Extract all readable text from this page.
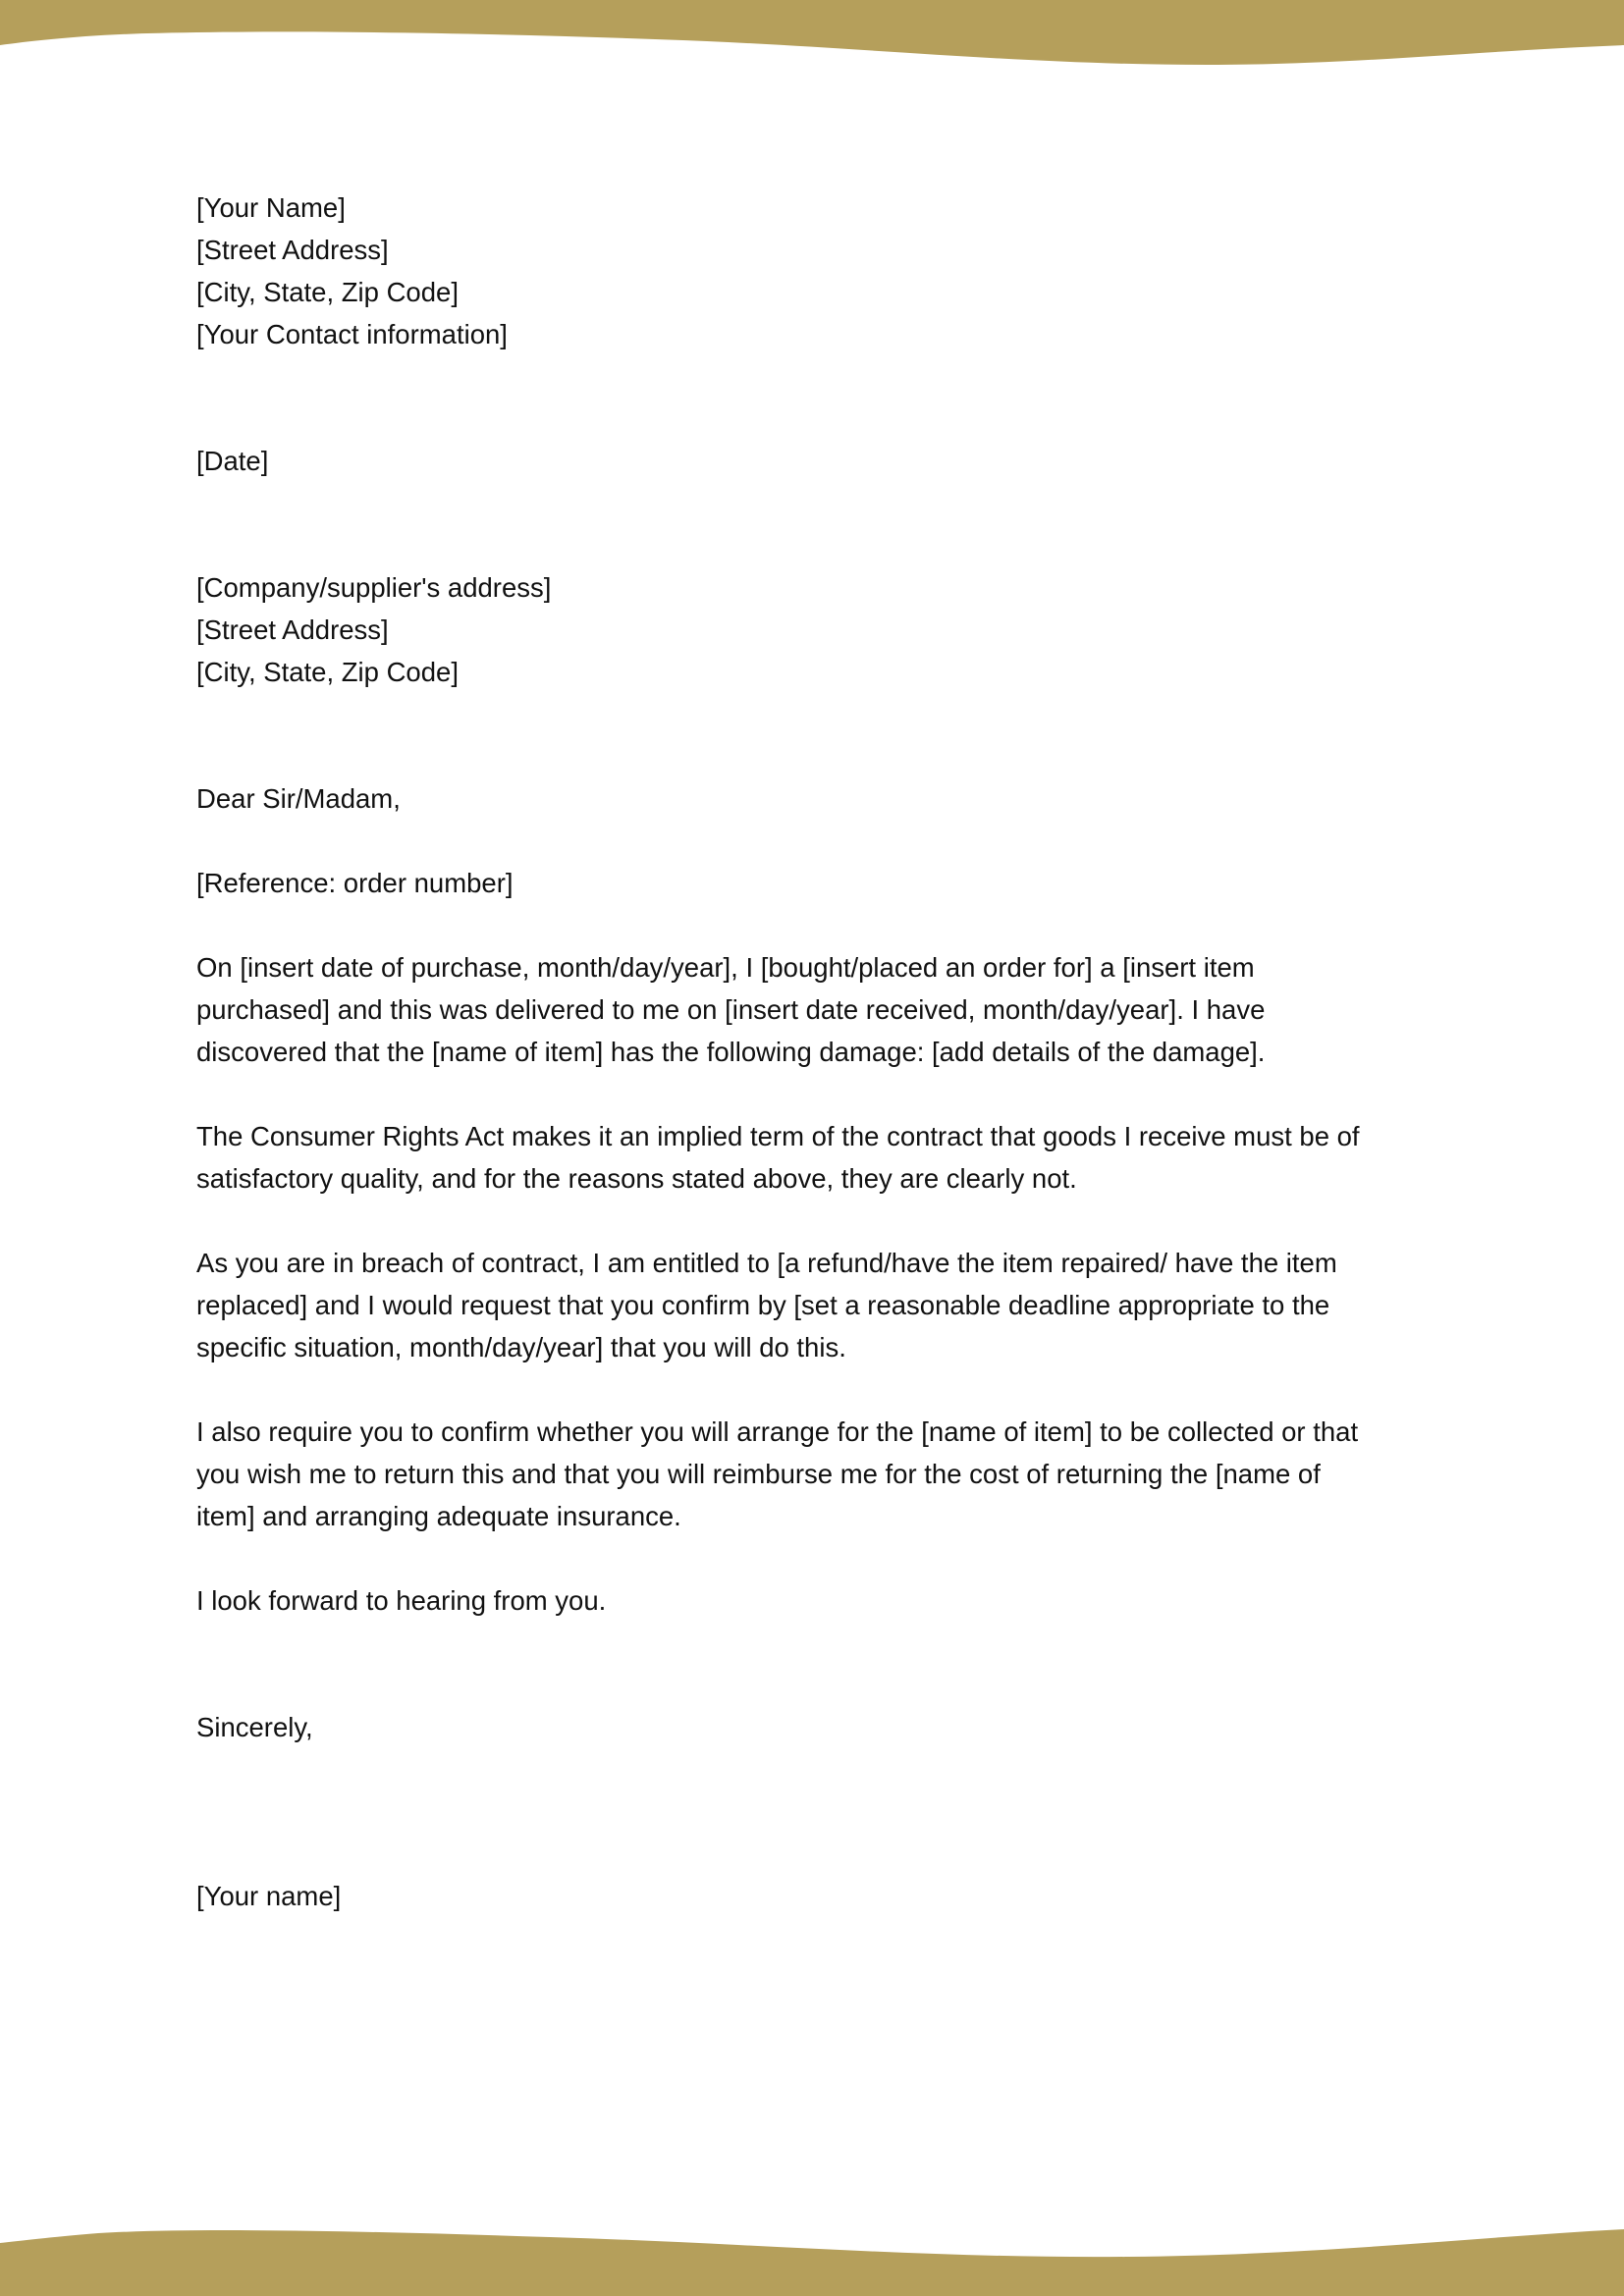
[Your Name]
[Street Address]
[City, State, Zip Code]
[Your Contact information]
[Date]
[Company/supplier's address]
[Street Address]
[City, State, Zip Code]
Dear Sir/Madam,
[Reference: order number]

On [insert date of purchase, month/day/year], I [bought/placed an order for] a [insert item
purchased] and this was delivered to me on [insert date received, month/day/year]. I have
discovered that the [name of item] has the following damage: [add details of the damage].

The Consumer Rights Act makes it an implied term of the contract that goods I receive must be of
satisfactory quality, and for the reasons stated above, they are clearly not.

As you are in breach of contract, I am entitled to [a refund/have the item repaired/ have the item
replaced] and I would request that you confirm by [set a reasonable deadline appropriate to the
specific situation, month/day/year] that you will do this.

I also require you to confirm whether you will arrange for the [name of item] to be collected or that
you wish me to return this and that you will reimburse me for the cost of returning the [name of
item] and arranging adequate insurance.

I look forward to hearing from you.

Sincerely,
[Your name]
